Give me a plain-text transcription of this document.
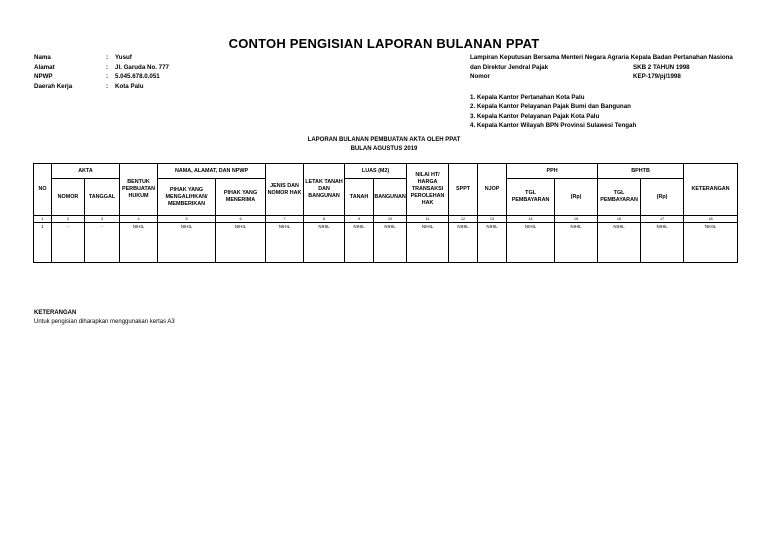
CONTOH PENGISIAN LAPORAN BULANAN PPAT
Nama	:	Yusuf
Alamat	:	Jl. Garuda No. 777
NPWP	:	5.045.678.0.051
Daerah Kerja	:	Kota Palu
Lampiran Keputusan Bersama Menteri Negara Agraria Kepala Badan Pertanahan Nasiona
dan Direktur Jendral Pajak	SKB 2 TAHUN 1998
Nomor	KEP-179/pj/1998
1. Kepala Kantor Pertanahan Kota Palu
2. Kepala Kantor Pelayanan Pajak Bumi dan Bangunan
3. Kepala Kantor Pelayanan Pajak Kota Palu
4. Kepala Kantor Wilayah BPN Provinsi Sulawesi Tengah
LAPORAN BULANAN PEMBUATAN AKTA OLEH PPAT
BULAN AGUSTUS 2019
NO	AKTA		BENTUK PERBUATAN HUKUM	NAMA, ALAMAT, DAN NPWP		JENIS DAN NOMOR HAK	LETAK TANAH DAN BANGUNAN	LUAS (M2)		NILAI HT/ HARGA TRANSAKSI PEROLEHAN HAK	SPPT	NJOP	PPH		BPHTB		KETERANGAN
	NOMOR	TANGGAL		PIHAK YANG MENGALIHKAN/ MEMBERIKAN	PIHAK YANG MENERIMA			TANAH	BANGUNAN				TGL PEMBAYARAN	(Rp)	TGL PEMBAYARAN	(Rp)	
1	2	3	4	5	6	7	8	9	10	11	12	13	14	15	16	17	18
1	-	-	NIHIL	NIHIL	NIHIL	NIHIL	NIHIL	NIHIL	NIHIL	NIHIL	NIHIL	NIHIL	NIHIL	NIHIL	NIHIL	NIHIL	NIHIL
KETERANGAN
Untuk pengisian diharapkan menggunakan kertas A3
